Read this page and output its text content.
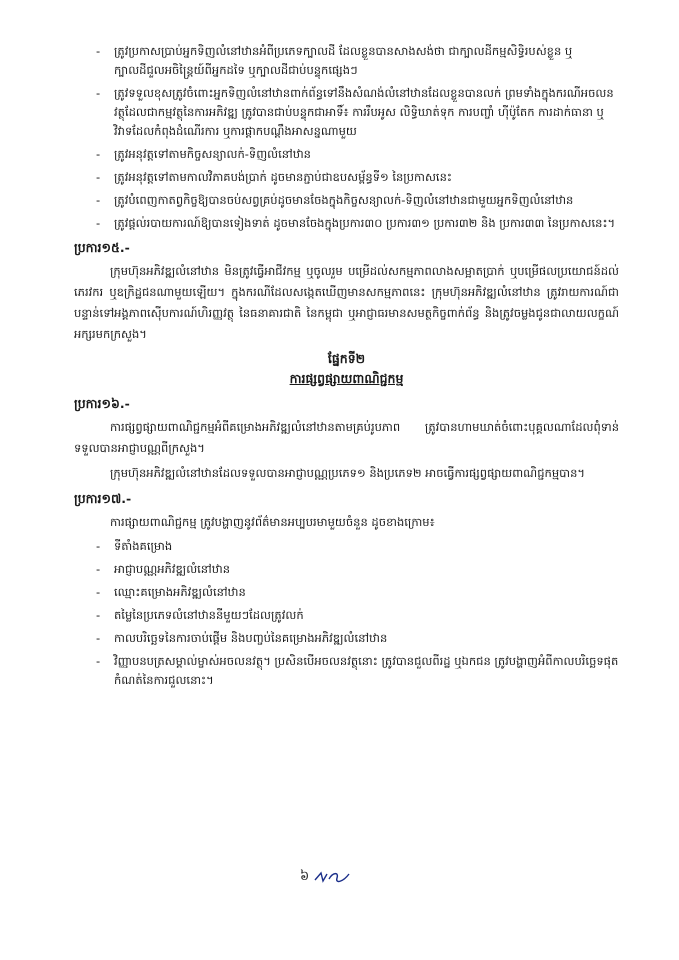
- ត្រូវប្រកាសប្រាប់អ្នកទិញលំនៅឋានអំពីប្រភេទក្បាលដី ដែលខ្លួនបានសាងសង់ថា ជាក្បាលដីកម្មសិទ្ធិរបស់ខ្លួន ឬក្បាលដីជួលអចិន្ត្រៃយ៍ពីអ្នកដទៃ ឬក្បាលដីជាប់បន្ទុកផ្សេងៗ
- ត្រូវទទួលខុសត្រូវចំពោះអ្នកទិញលំនៅឋានពាក់ព័ន្ធទៅនឹងសំណង់លំនៅឋានដែលខ្លួនបានលក់ ព្រមទាំងក្នុងករណីអចលនវត្ថុដែលជាកម្មវត្ថុនៃការអភិវឌ្ឍ ត្រូវបានជាប់បន្ទុកជាអាទិ៍៖ ការរឹបអូស លិទ្ធិឃាត់ទុក ការបញ្ចាំ ហ៊ីប៉ូតែក ការដាក់ធានា ឬវិវាទដែលកំពុងដំណើរការ ឬការផ្ដាកបណ្ដឹងអាសន្នណាមួយ
- ត្រូវអនុវត្តទៅតាមកិច្ចសន្យាលក់-ទិញលំនៅឋាន
- ត្រូវអនុវត្តទៅតាមកាលវិភាគបង់ប្រាក់ ដូចមានភ្ជាប់ជាឧបសម្ព័ន្ធទី១ នៃប្រកាសនេះ
- ត្រូវបំពេញកាតព្វកិច្ចឱ្យបានចប់សព្វគ្រប់ដូចមានចែងក្នុងកិច្ចសន្យាលក់-ទិញលំនៅឋានជាមួយអ្នកទិញលំនៅឋាន
- ត្រូវផ្ដល់របាយការណ៍ឱ្យបានទៀងទាត់ ដូចមានចែងក្នុងប្រការ៣០ ប្រការ៣១ ប្រការ៣២ និង ប្រការ៣៣ នៃប្រកាសនេះ។
ប្រការ១៥.-

ក្រុមហ៊ុនអភិវឌ្ឍលំនៅឋាន មិនត្រូវធ្វើអាជីវកម្ម ឬចូលរួម បម្រើដល់សកម្មភាពលាងសម្អាតប្រាក់ ឬបម្រើផលប្រយោជន៍ដល់ភេរវករ ឬឧក្រិដ្ឋជនណាមួយឡើយ។ ក្នុងករណីដែលសង្កេតឃើញមានសកម្មភាពនេះ ក្រុមហ៊ុនអភិវឌ្ឍលំនៅឋាន ត្រូវរាយការណ៍ជាបន្ទាន់ទៅអង្គភាពស៊ើបការណ៍ហិរញ្ញវត្ថុ នៃធនាគារជាតិ នៃកម្ពុជា ឬអាជ្ញាធរមានសមត្ថកិច្ចពាក់ព័ន្ធ និងត្រូវចម្លងជូនជាលាយលក្ខណ៍អក្សរមកក្រសួង។

ផ្នែកទី២
ការផ្សព្វផ្សាយពាណិជ្ជកម្ម
ប្រការ១៦.-

ការផ្សព្វផ្សាយពាណិជ្ជកម្មអំពីគម្រោងអភិវឌ្ឍលំនៅឋានតាមគ្រប់រូបភាព ត្រូវបានហាមឃាត់ចំពោះបុគ្គលណាដែលពុំទាន់ទទួលបានអាជ្ញាបណ្ណពីក្រសួង។

ក្រុមហ៊ុនអភិវឌ្ឍលំនៅឋានដែលទទួលបានអាជ្ញាបណ្ណប្រភេទ១ និងប្រភេទ២ អាចធ្វើការផ្សព្វផ្សាយពាណិជ្ជកម្មបាន។

ប្រការ១៧.-

ការផ្សាយពាណិជ្ជកម្ម ត្រូវបង្ហាញនូវព័ត៌មានអប្បបរមាមួយចំនួន ដូចខាងក្រោម៖

- ទីតាំងគម្រោង
- អាជ្ញាបណ្ណអភិវឌ្ឍលំនៅឋាន
- ឈ្មោះគម្រោងអភិវឌ្ឍលំនៅឋាន
- តម្លៃនៃប្រភេទលំនៅឋាននីមួយៗដែលត្រូវលក់
- កាលបរិច្ឆេទនៃការចាប់ផ្ដើម និងបញ្ចប់នៃគម្រោងអភិវឌ្ឍលំនៅឋាន
- វិញ្ញាបនបត្រសម្គាល់ម្ចាស់អចលនវត្ថុ។ ប្រសិនបើអចលនវត្ថុនោះ ត្រូវបានជួលពីរដ្ឋ ឬឯកជន ត្រូវបង្ហាញអំពីកាលបរិច្ឆេទផុតកំណត់នៃការជួលនោះ។
៦
